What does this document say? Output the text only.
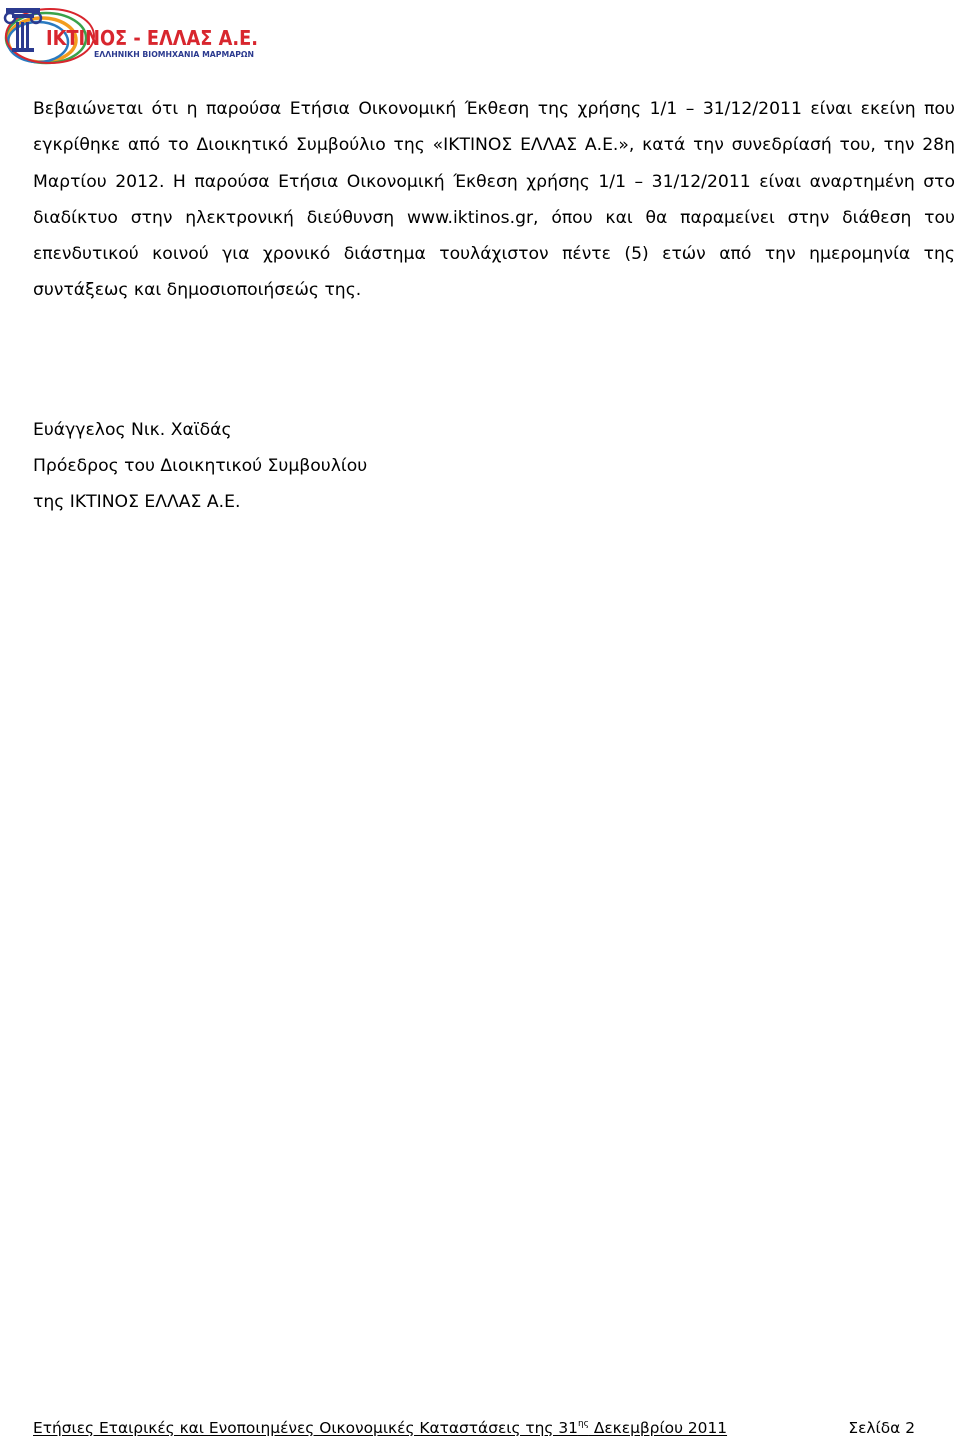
ΙΚΤΙΝΟΣ - ΕΛΛΑΣ Α.Ε.
ΕΛΛΗΝΙΚΗ ΒΙΟΜΗΧΑΝΙΑ ΜΑΡΜΑΡΩΝ

Βεβαιώνεται ότι η παρούσα Ετήσια Οικονομική Έκθεση της χρήσης 1/1 – 31/12/2011 είναι εκείνη που εγκρίθηκε από το Διοικητικό Συμβούλιο της «ΙΚΤΙΝΟΣ ΕΛΛΑΣ Α.Ε.», κατά την συνεδρίασή του, την 28η Μαρτίου 2012. Η παρούσα Ετήσια Οικονομική Έκθεση χρήσης 1/1 – 31/12/2011 είναι αναρτημένη στο διαδίκτυο στην ηλεκτρονική διεύθυνση www.iktinos.gr, όπου και θα παραμείνει στην διάθεση του επενδυτικού κοινού για χρονικό διάστημα τουλάχιστον πέντε (5) ετών από την ημερομηνία της συντάξεως και δημοσιοποιήσεώς της.

Ευάγγελος Νικ. Χαϊδάς

Πρόεδρος του Διοικητικού Συμβουλίου

της ΙΚΤΙΝΟΣ ΕΛΛΑΣ Α.Ε.

Ετήσιες Εταιρικές και Ενοποιημένες Οικονομικές Καταστάσεις της $31^{\eta\varsigma}$ Δεκεμβρίου 2011	Σελίδα 2
